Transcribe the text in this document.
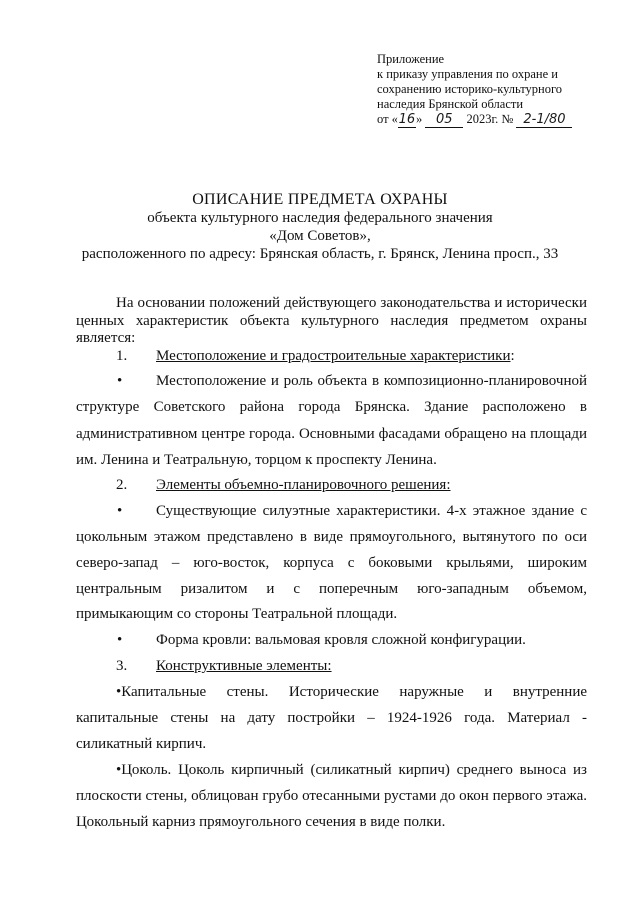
Приложение
к приказу управления по охране и
сохранению историко-культурного
наследия Брянской области
от «16» 05 2023г. № 2-1/80
ОПИСАНИЕ ПРЕДМЕТА ОХРАНЫ
объекта культурного наследия федерального значения
«Дом Советов»,
расположенного по адресу: Брянская область, г. Брянск, Ленина просп., 33
На основании положений действующего законодательства и исторически
ценных характеристик объекта культурного наследия предметом охраны
является:
1. Местоположение и градостроительные характеристики:
• Местоположение и роль объекта в композиционно-планировочной
структуре Советского района города Брянска. Здание расположено в
административном центре города. Основными фасадами обращено на площади
им. Ленина и Театральную, торцом к проспекту Ленина.
2. Элементы объемно-планировочного решения:
• Существующие силуэтные характеристики. 4-х этажное здание с
цокольным этажом представлено в виде прямоугольного, вытянутого по оси
северо-запад – юго-восток, корпуса с боковыми крыльями, широким
центральным ризалитом и с поперечным юго-западным объемом,
примыкающим со стороны Театральной площади.
• Форма кровли: вальмовая кровля сложной конфигурации.
3. Конструктивные элементы:
•Капитальные стены. Исторические наружные и внутренние
капитальные стены на дату постройки – 1924-1926 года. Материал -
силикатный кирпич.
•Цоколь. Цоколь кирпичный (силикатный кирпич) среднего выноса из
плоскости стены, облицован грубо отесанными рустами до окон первого этажа.
Цокольный карниз прямоугольного сечения в виде полки.
